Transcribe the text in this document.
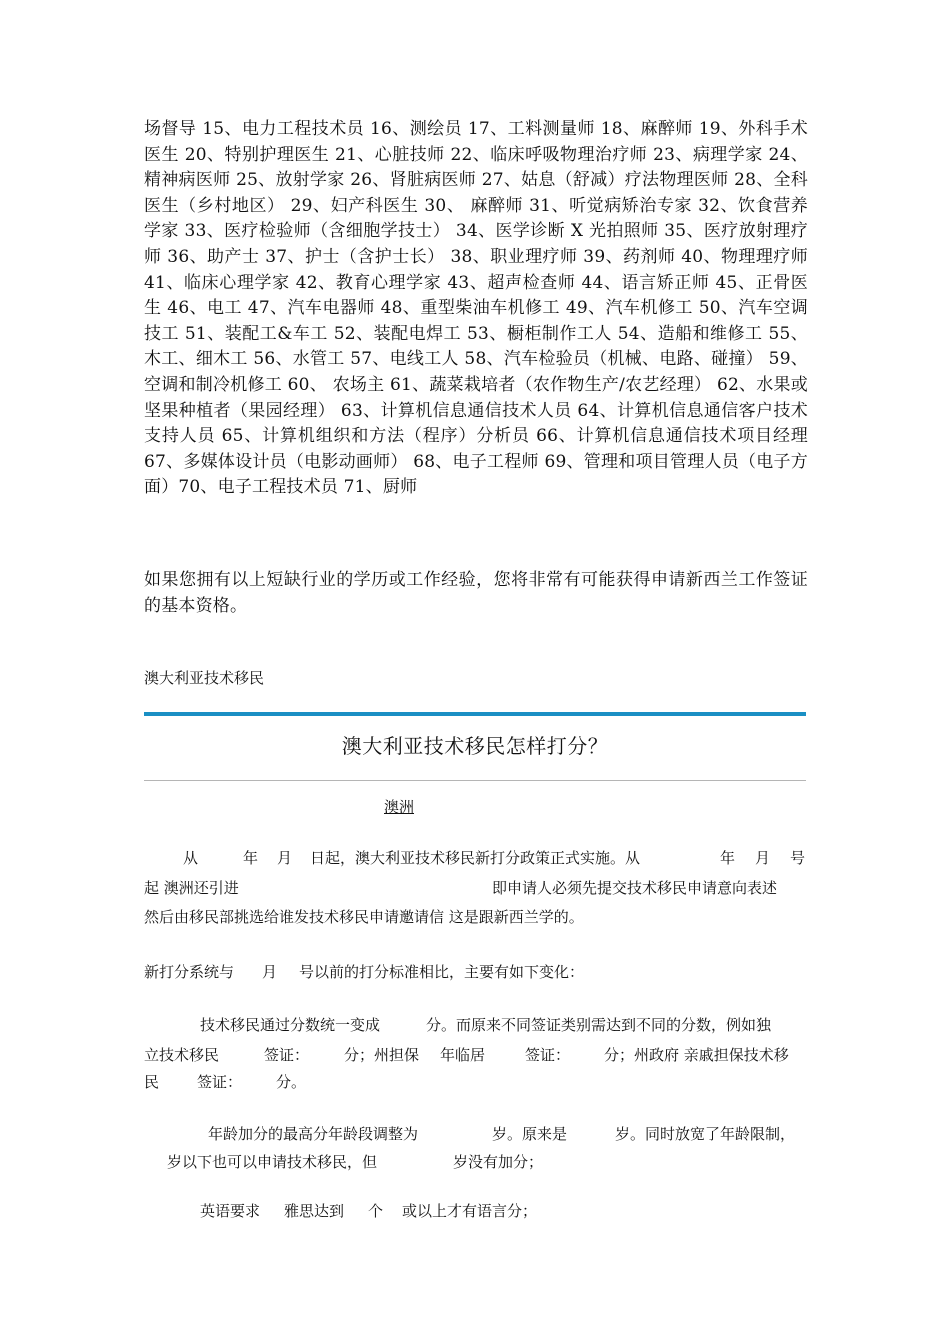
场督导 15、电力工程技术员 16、测绘员 17、工料测量师 18、麻醉师 19、外科手术医生 20、特别护理医生 21、心脏技师 22、临床呼吸物理治疗师 23、病理学家 24、精神病医师 25、放射学家 26、肾脏病医师 27、姑息（舒减）疗法物理医师 28、全科医生（乡村地区） 29、妇产科医生 30、 麻醉师 31、听觉病矫治专家 32、饮食营养学家 33、医疗检验师（含细胞学技士） 34、医学诊断 X 光拍照师 35、医疗放射理疗师 36、助产士 37、护士（含护士长） 38、职业理疗师 39、药剂师 40、物理理疗师 41、临床心理学家 42、教育心理学家 43、超声检查师 44、语言矫正师 45、正骨医生 46、电工 47、汽车电器师 48、重型柴油车机修工 49、汽车机修工 50、汽车空调技工 51、装配工&车工 52、装配电焊工 53、橱柜制作工人 54、造船和维修工 55、木工、细木工 56、水管工 57、电线工人 58、汽车检验员（机械、电路、碰撞） 59、空调和制冷机修工 60、 农场主 61、蔬菜栽培者（农作物生产/农艺经理） 62、水果或坚果种植者（果园经理） 63、计算机信息通信技术人员 64、计算机信息通信客户技术支持人员 65、计算机组织和方法（程序）分析员 66、计算机信息通信技术项目经理 67、多媒体设计员（电影动画师） 68、电子工程师 69、管理和项目管理人员（电子方面）70、电子工程技术员 71、厨师

如果您拥有以上短缺行业的学历或工作经验，您将非常有可能获得申请新西兰工作签证的基本资格。

澳大利亚技术移民
澳大利亚技术移民怎样打分？
澳洲
从	年 月 日起，澳大利亚技术移民新打分政策正式实施。从	年 月 号
起 澳洲还引进	即申请人必须先提交技术移民申请意向表述
然后由移民部挑选给谁发技术移民申请邀请信 这是跟新西兰学的。
新打分系统与 月 号以前的打分标准相比，主要有如下变化：
技术移民通过分数统一变成	分。而原来不同签证类别需达到不同的分数，例如独
立技术移民	签证： 分；州担保 年临居	签证： 分；州政府 亲戚担保技术移
民	签证： 分。
年龄加分的最高分年龄段调整为	岁。原来是	岁。同时放宽了年龄限制，
岁以下也可以申请技术移民，但	岁没有加分；
英语要求 雅思达到 个 或以上才有语言分；
